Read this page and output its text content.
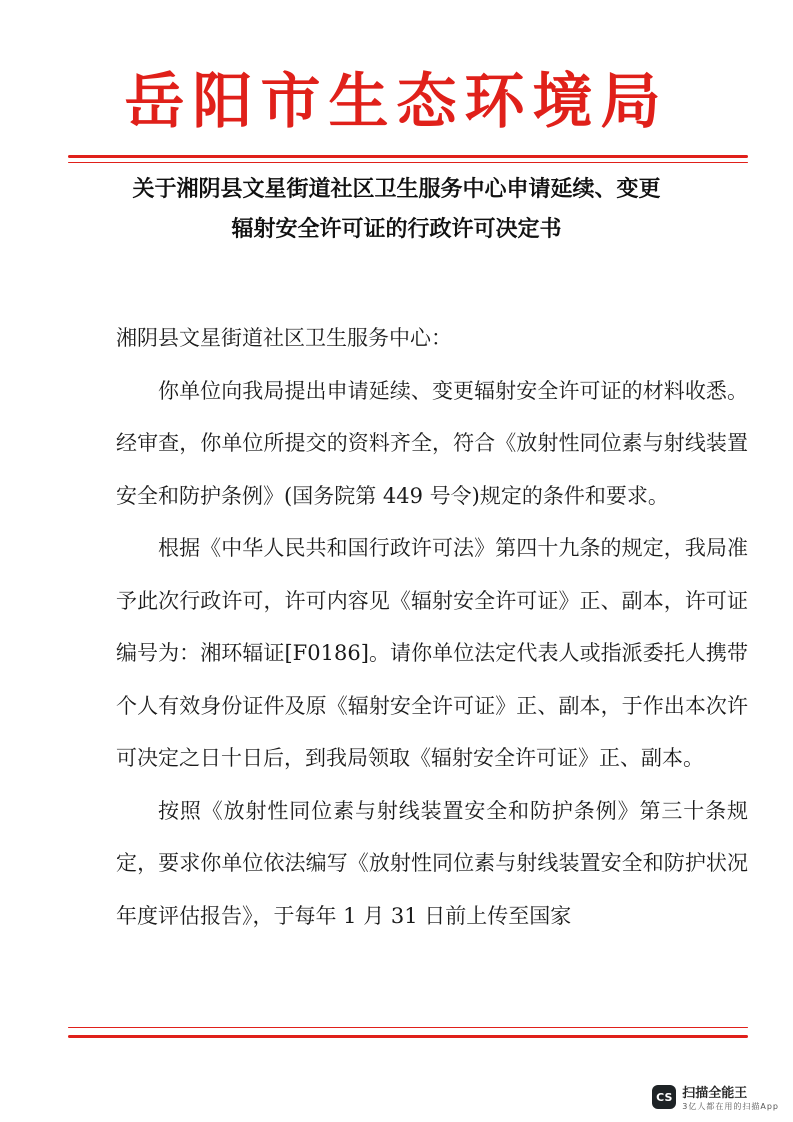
岳阳市生态环境局
关于湘阴县文星街道社区卫生服务中心申请延续、变更
辐射安全许可证的行政许可决定书

湘阴县文星街道社区卫生服务中心：

你单位向我局提出申请延续、变更辐射安全许可证的材料收悉。经审查，你单位所提交的资料齐全，符合《放射性同位素与射线装置安全和防护条例》(国务院第 449 号令)规定的条件和要求。

根据《中华人民共和国行政许可法》第四十九条的规定，我局准予此次行政许可，许可内容见《辐射安全许可证》正、副本，许可证编号为：湘环辐证[F0186]。请你单位法定代表人或指派委托人携带个人有效身份证件及原《辐射安全许可证》正、副本，于作出本次许可决定之日十日后，到我局领取《辐射安全许可证》正、副本。

按照《放射性同位素与射线装置安全和防护条例》第三十条规定，要求你单位依法编写《放射性同位素与射线装置安全和防护状况年度评估报告》，于每年 1 月 31 日前上传至国家

CS 扫描全能王
3亿人都在用的扫描App
